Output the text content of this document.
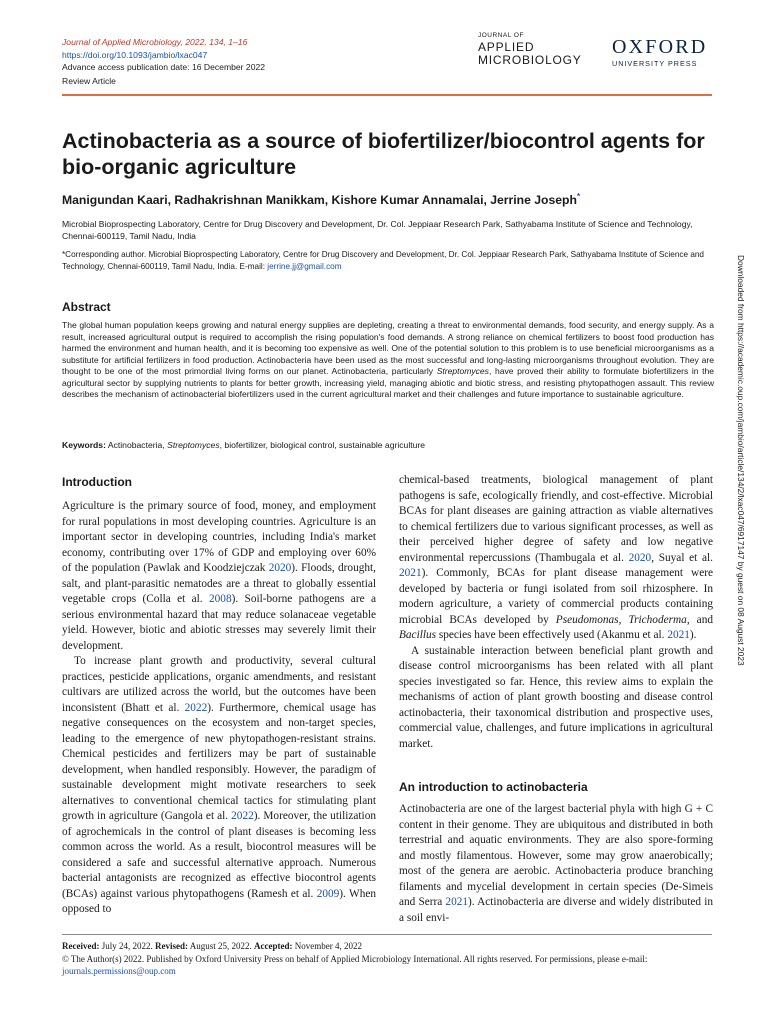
Journal of Applied Microbiology, 2022, 134, 1–16
https://doi.org/10.1093/jambio/lxac047
Advance access publication date: 16 December 2022
Review Article
JOURNAL OF
APPLIED
MICROBIOLOGY
OXFORD
UNIVERSITY PRESS
Actinobacteria as a source of biofertilizer/biocontrol agents for bio-organic agriculture
Manigundan Kaari, Radhakrishnan Manikkam, Kishore Kumar Annamalai, Jerrine Joseph*
Microbial Bioprospecting Laboratory, Centre for Drug Discovery and Development, Dr. Col. Jeppiaar Research Park, Sathyabama Institute of Science and Technology, Chennai-600119, Tamil Nadu, India
*Corresponding author. Microbial Bioprospecting Laboratory, Centre for Drug Discovery and Development, Dr. Col. Jeppiaar Research Park, Sathyabama Institute of Science and Technology, Chennai-600119, Tamil Nadu, India. E-mail: jerrine.jj@gmail.com
Abstract
The global human population keeps growing and natural energy supplies are depleting, creating a threat to environmental demands, food security, and energy supply. As a result, increased agricultural output is required to accomplish the rising population's food demands. A strong reliance on chemical fertilizers to boost food production has harmed the environment and human health, and it is becoming too expensive as well. One of the potential solution to this problem is to use beneficial microorganisms as a substitute for artificial fertilizers in food production. Actinobacteria have been used as the most successful and long-lasting microorganisms throughout evolution. They are thought to be one of the most primordial living forms on our planet. Actinobacteria, particularly Streptomyces, have proved their ability to formulate biofertilizers in the agricultural sector by supplying nutrients to plants for better growth, increasing yield, managing abiotic and biotic stress, and resisting phytopathogen assault. This review describes the mechanism of actinobacterial biofertilizers used in the current agricultural market and their challenges and future importance to sustainable agriculture.
Keywords: Actinobacteria, Streptomyces, biofertilizer, biological control, sustainable agriculture
Introduction

Agriculture is the primary source of food, money, and employment for rural populations in most developing countries. Agriculture is an important sector in developing countries, including India's market economy, contributing over 17% of GDP and employing over 60% of the population (Pawlak and Koodziejczak 2020). Floods, drought, salt, and plant-parasitic nematodes are a threat to globally essential vegetable crops (Colla et al. 2008). Soil-borne pathogens are a serious environmental hazard that may reduce solanaceae vegetable yield. However, biotic and abiotic stresses may severely limit their development.

To increase plant growth and productivity, several cultural practices, pesticide applications, organic amendments, and resistant cultivars are utilized across the world, but the outcomes have been inconsistent (Bhatt et al. 2022). Furthermore, chemical usage has negative consequences on the ecosystem and non-target species, leading to the emergence of new phytopathogen-resistant strains. Chemical pesticides and fertilizers may be part of sustainable development, when handled responsibly. However, the paradigm of sustainable development might motivate researchers to seek alternatives to conventional chemical tactics for stimulating plant growth in agriculture (Gangola et al. 2022). Moreover, the utilization of agrochemicals in the control of plant diseases is becoming less common across the world. As a result, biocontrol measures will be considered a safe and successful alternative approach. Numerous bacterial antagonists are recognized as effective biocontrol agents (BCAs) against various phytopathogens (Ramesh et al. 2009). When opposed to

chemical-based treatments, biological management of plant pathogens is safe, ecologically friendly, and cost-effective. Microbial BCAs for plant diseases are gaining attraction as viable alternatives to chemical fertilizers due to various significant processes, as well as their perceived higher degree of safety and low negative environmental repercussions (Thambugala et al. 2020, Suyal et al. 2021). Commonly, BCAs for plant disease management were developed by bacteria or fungi isolated from soil rhizosphere. In modern agriculture, a variety of commercial products containing microbial BCAs developed by Pseudomonas, Trichoderma, and Bacillus species have been effectively used (Akanmu et al. 2021).

A sustainable interaction between beneficial plant growth and disease control microorganisms has been related with all plant species investigated so far. Hence, this review aims to explain the mechanisms of action of plant growth boosting and disease control actinobacteria, their taxonomical distribution and prospective uses, commercial value, challenges, and future implications in agricultural market.

An introduction to actinobacteria

Actinobacteria are one of the largest bacterial phyla with high G + C content in their genome. They are ubiquitous and distributed in both terrestrial and aquatic environments. They are also spore-forming and mostly filamentous. However, some may grow anaerobically; most of the genera are aerobic. Actinobacteria produce branching filaments and mycelial development in certain species (De-Simeis and Serra 2021). Actinobacteria are diverse and widely distributed in a soil envi-

Downloaded from https://academic.oup.com/jambio/article/134/2/lxac047/6917147 by guest on 08 August 2023
Received: July 24, 2022. Revised: August 25, 2022. Accepted: November 4, 2022
© The Author(s) 2022. Published by Oxford University Press on behalf of Applied Microbiology International. All rights reserved. For permissions, please e-mail: journals.permissions@oup.com
